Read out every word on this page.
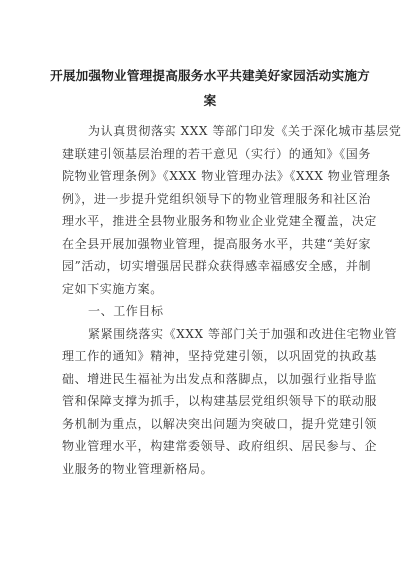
开展加强物业管理提高服务水平共建美好家园活动实施方
案
为认真贯彻落实 XXX 等部门印发《关于深化城市基层党
建联建引领基层治理的若干意见（实行）的通知》《国务
院物业管理条例》《XXX 物业管理办法》《XXX 物业管理条
例》，进一步提升党组织领导下的物业管理服务和社区治
理水平，推进全县物业服务和物业企业党建全覆盖，决定
在全县开展加强物业管理，提高服务水平，共建“美好家
园”活动，切实增强居民群众获得感幸福感安全感，并制
定如下实施方案。
一、工作目标
紧紧围绕落实《XXX 等部门关于加强和改进住宅物业管
理工作的通知》精神，坚持党建引领，以巩固党的执政基
础、增进民生福祉为出发点和落脚点，以加强行业指导监
管和保障支撑为抓手，以构建基层党组织领导下的联动服
务机制为重点，以解决突出问题为突破口，提升党建引领
物业管理水平，构建常委领导、政府组织、居民参与、企
业服务的物业管理新格局。
